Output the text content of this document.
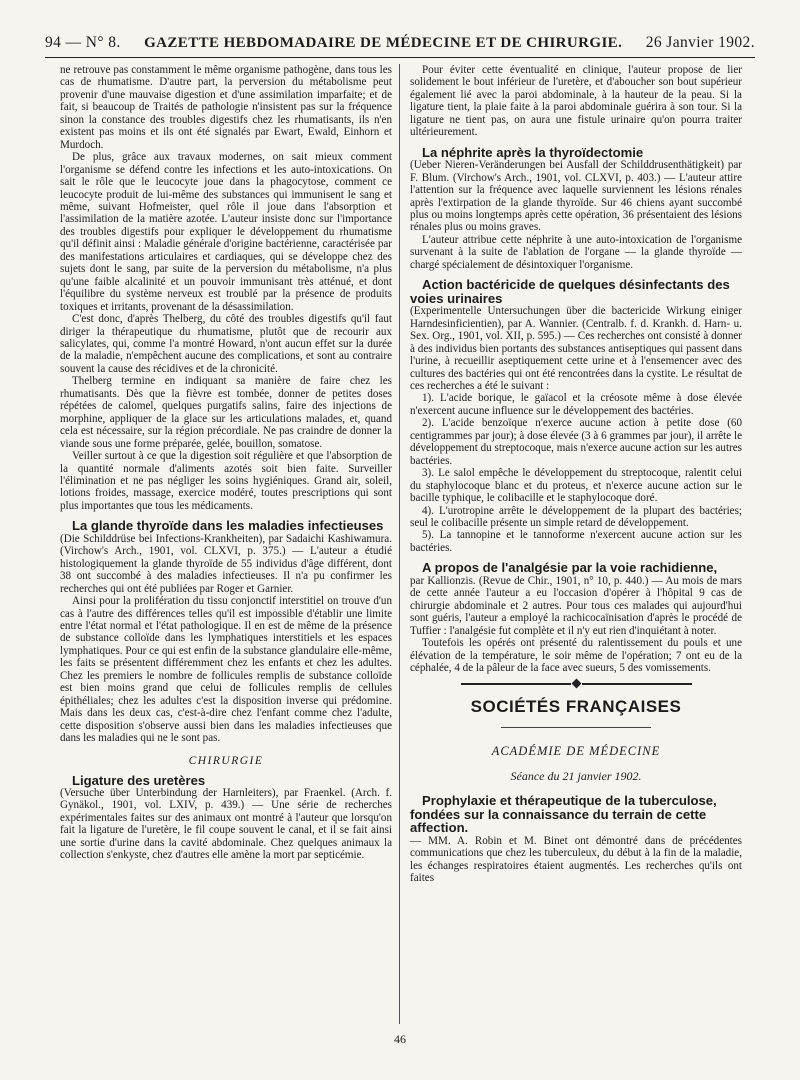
94 — N° 8. GAZETTE HEBDOMADAIRE DE MÉDECINE ET DE CHIRURGIE. 26 Janvier 1902.

ne retrouve pas constamment le même organisme pathogène, dans tous les cas de rhumatisme. D'autre part, la perversion du métabolisme peut provenir d'une mauvaise digestion et d'une assimilation imparfaite; et de fait, si beaucoup de Traités de pathologie n'insistent pas sur la fréquence sinon la constance des troubles digestifs chez les rhumatisants, ils n'en existent pas moins et ils ont été signalés par Ewart, Ewald, Einhorn et Murdoch.

De plus, grâce aux travaux modernes, on sait mieux comment l'organisme se défend contre les infections et les auto-intoxications. On sait le rôle que le leucocyte joue dans la phagocytose, comment ce leucocyte produit de lui-même des substances qui immunisent le sang et même, suivant Hofmeister, quel rôle il joue dans l'absorption et l'assimilation de la matière azotée. L'auteur insiste donc sur l'importance des troubles digestifs pour expliquer le développement du rhumatisme qu'il définit ainsi : Maladie générale d'origine bactérienne, caractérisée par des manifestations articulaires et cardiaques, qui se développe chez des sujets dont le sang, par suite de la perversion du métabolisme, n'a plus qu'une faible alcalinité et un pouvoir immunisant très atténué, et dont l'équilibre du système nerveux est troublé par la présence de produits toxiques et irritants, provenant de la désassimilation.

C'est donc, d'après Thelberg, du côté des troubles digestifs qu'il faut diriger la thérapeutique du rhumatisme, plutôt que de recourir aux salicylates, qui, comme l'a montré Howard, n'ont aucun effet sur la durée de la maladie, n'empêchent aucune des complications, et sont au contraire souvent la cause des récidives et de la chronicité.

Thelberg termine en indiquant sa manière de faire chez les rhumatisants. Dès que la fièvre est tombée, donner de petites doses répétées de calomel, quelques purgatifs salins, faire des injections de morphine, appliquer de la glace sur les articulations malades, et, quand cela est nécessaire, sur la région précordiale. Ne pas craindre de donner la viande sous une forme préparée, gelée, bouillon, somatose.

Veiller surtout à ce que la digestion soit régulière et que l'absorption de la quantité normale d'aliments azotés soit bien faite. Surveiller l'élimination et ne pas négliger les soins hygiéniques. Grand air, soleil, lotions froides, massage, exercice modéré, toutes prescriptions qui sont plus importantes que tous les médicaments.

La glande thyroïde dans les maladies infectieuses

(Die Schilddrüse bei Infections-Krankheiten), par Sadaichi Kashiwamura. (Virchow's Arch., 1901, vol. CLXVI, p. 375.) — L'auteur a étudié histologiquement la glande thyroïde de 55 individus d'âge différent, dont 38 ont succombé à des maladies infectieuses. Il n'a pu confirmer les recherches qui ont été publiées par Roger et Garnier.

Ainsi pour la prolifération du tissu conjonctif interstitiel on trouve d'un cas à l'autre des différences telles qu'il est impossible d'établir une limite entre l'état normal et l'état pathologique. Il en est de même de la présence de substance colloïde dans les lymphatiques interstitiels et les espaces lymphatiques. Pour ce qui est enfin de la substance glandulaire elle-même, les faits se présentent différemment chez les enfants et chez les adultes. Chez les premiers le nombre de follicules remplis de substance colloïde est bien moins grand que celui de follicules remplis de cellules épithéliales; chez les adultes c'est la disposition inverse qui prédomine. Mais dans les deux cas, c'est-à-dire chez l'enfant comme chez l'adulte, cette disposition s'observe aussi bien dans les maladies infectieuses que dans les maladies qui ne le sont pas.

CHIRURGIE
Ligature des uretères

(Versuche über Unterbindung der Harnleiters), par Fraenkel. (Arch. f. Gynäkol., 1901, vol. LXIV, p. 439.) — Une série de recherches expérimentales faites sur des animaux ont montré à l'auteur que lorsqu'on fait la ligature de l'uretère, le fil coupe souvent le canal, et il se fait ainsi une sortie d'urine dans la cavité abdominale. Chez quelques animaux la collection s'enkyste, chez d'autres elle amène la mort par septicémie.

Pour éviter cette éventualité en clinique, l'auteur propose de lier solidement le bout inférieur de l'uretère, et d'aboucher son bout supérieur également lié avec la paroi abdominale, à la hauteur de la peau. Si la ligature tient, la plaie faite à la paroi abdominale guérira à son tour. Si la ligature ne tient pas, on aura une fistule urinaire qu'on pourra traiter ultérieurement.

La néphrite après la thyroïdectomie

(Ueber Nieren-Veränderungen bei Ausfall der Schilddrusenthätigkeit) par F. Blum. (Virchow's Arch., 1901, vol. CLXVI, p. 403.) — L'auteur attire l'attention sur la fréquence avec laquelle surviennent les lésions rénales après l'extirpation de la glande thyroïde. Sur 46 chiens ayant succombé plus ou moins longtemps après cette opération, 36 présentaient des lésions rénales plus ou moins graves.

L'auteur attribue cette néphrite à une auto-intoxication de l'organisme survenant à la suite de l'ablation de l'organe — la glande thyroïde — chargé spécialement de désintoxiquer l'organisme.

Action bactéricide de quelques désinfectants des voies urinaires

(Experimentelle Untersuchungen über die bactericide Wirkung einiger Harndesinficientien), par A. Wannier. (Centralb. f. d. Krankh. d. Harn- u. Sex. Org., 1901, vol. XII, p. 595.) — Ces recherches ont consisté à donner à des individus bien portants des substances antiseptiques qui passent dans l'urine, à recueillir aseptiquement cette urine et à l'ensemencer avec des cultures des bactéries qui ont été rencontrées dans la cystite. Le résultat de ces recherches a été le suivant :

1). L'acide borique, le gaïacol et la créosote même à dose élevée n'exercent aucune influence sur le développement des bactéries.

2). L'acide benzoïque n'exerce aucune action à petite dose (60 centigrammes par jour); à dose élevée (3 à 6 grammes par jour), il arrête le développement du streptocoque, mais n'exerce aucune action sur les autres bactéries.

3). Le salol empêche le développement du streptocoque, ralentit celui du staphylocoque blanc et du proteus, et n'exerce aucune action sur le bacille typhique, le colibacille et le staphylocoque doré.

4). L'urotropine arrête le développement de la plupart des bactéries; seul le colibacille présente un simple retard de développement.

5). La tannopine et le tannoforme n'exercent aucune action sur les bactéries.

A propos de l'analgésie par la voie rachidienne,

par Kallionzis. (Revue de Chir., 1901, n° 10, p. 440.) — Au mois de mars de cette année l'auteur a eu l'occasion d'opérer à l'hôpital 9 cas de chirurgie abdominale et 2 autres. Pour tous ces malades qui aujourd'hui sont guéris, l'auteur a employé la rachicocaïnisation d'après le procédé de Tuffier : l'analgésie fut complète et il n'y eut rien d'inquiétant à noter.

Toutefois les opérés ont présenté du ralentissement du pouls et une élévation de la température, le soir même de l'opération; 7 ont eu de la céphalée, 4 de la pâleur de la face avec sueurs, 5 des vomissements.

SOCIÉTÉS FRANÇAISES
ACADÉMIE DE MÉDECINE
Séance du 21 janvier 1902.
Prophylaxie et thérapeutique de la tuberculose, fondées sur la connaissance du terrain de cette affection.

— MM. A. Robin et M. Binet ont démontré dans de précédentes communications que chez les tuberculeux, du début à la fin de la maladie, les échanges respiratoires étaient augmentés. Les recherches qu'ils ont faites

46
